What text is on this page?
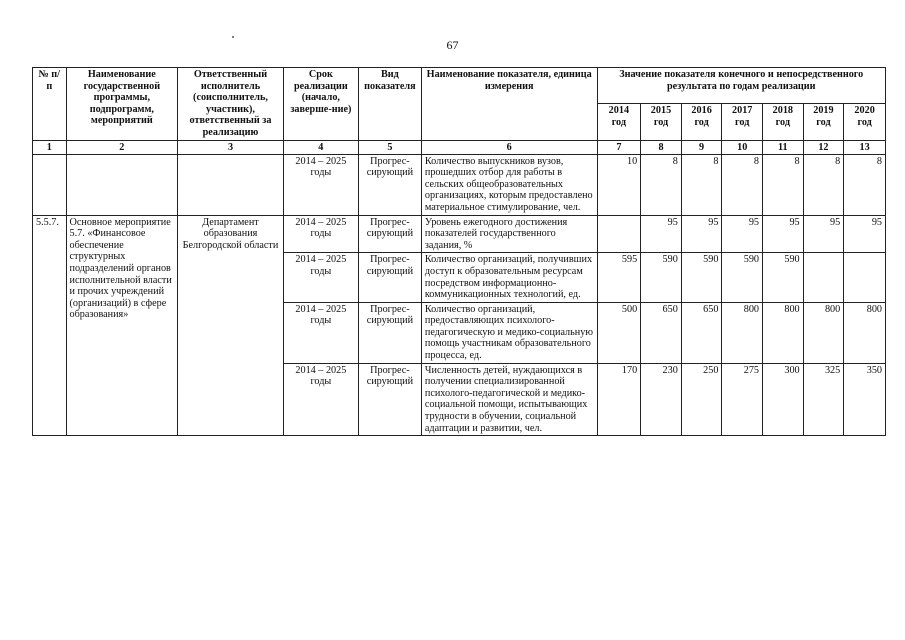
67
№ п/п	Наименование государственной программы, подпрограмм, мероприятий	Ответственный исполнитель (соисполнитель, участник), ответственный за реализацию	Срок реализации (начало, заверше-ние)	Вид показателя	Наименование показателя, единица измерения	Значение показателя конечного и непосредственного результата по годам реализации						
						2014 год	2015 год	2016 год	2017 год	2018 год	2019 год	2020 год
1	2	3	4	5	6	7	8	9	10	11	12	13
			2014 – 2025 годы	Прогрес-сирующий	Количество выпускников вузов, прошедших отбор для работы в сельских общеобразовательных организациях, которым предоставлено материальное стимулирование, чел.	10	8	8	8	8	8	8
5.5.7.	Основное мероприятие 5.7. «Финансовое обеспечение структурных подразделений органов исполнительной власти и прочих учреждений (организаций) в сфере образования»	Департамент образования Белгородской области	2014 – 2025 годы	Прогрес-сирующий	Уровень ежегодного достижения показателей государственного задания, %		95	95	95	95	95	95
			2014 – 2025 годы	Прогрес-сирующий	Количество организаций, получивших доступ к образовательным ресурсам посредством информационно-коммуникационных технологий, ед.	595	590	590	590	590		
			2014 – 2025 годы	Прогрес-сирующий	Количество организаций, предоставляющих психолого-педагогическую и медико-социальную помощь участникам образовательного процесса, ед.	500	650	650	800	800	800	800
			2014 – 2025 годы	Прогрес-сирующий	Численность детей, нуждающихся в получении специализированной психолого-педагогической и медико-социальной помощи, испытывающих трудности в обучении, социальной адаптации и развитии, чел.	170	230	250	275	300	325	350
